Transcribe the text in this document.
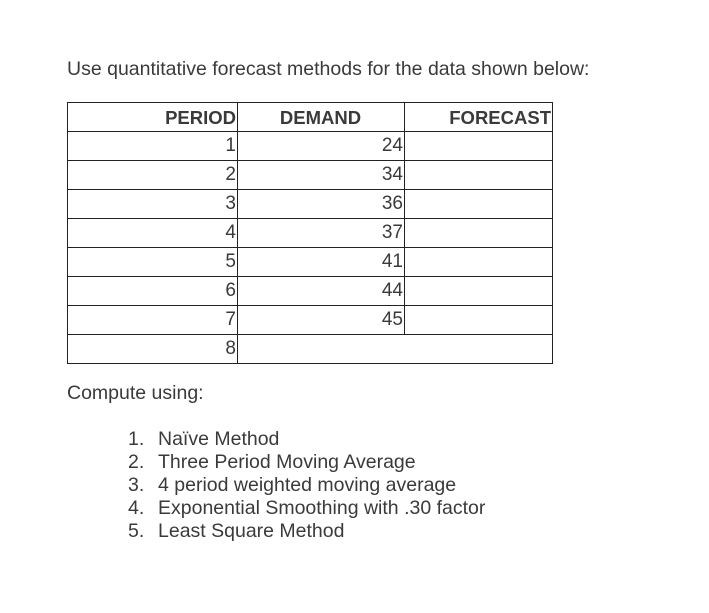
Use quantitative forecast methods for the data shown below:
PERIOD	DEMAND	FORECAST
1	24	
2	34	
3	36	
4	37	
5	41	
6	44	
7	45	
8		
Compute using:
1. Naïve Method
2. Three Period Moving Average
3. 4 period weighted moving average
4. Exponential Smoothing with .30 factor
5. Least Square Method
